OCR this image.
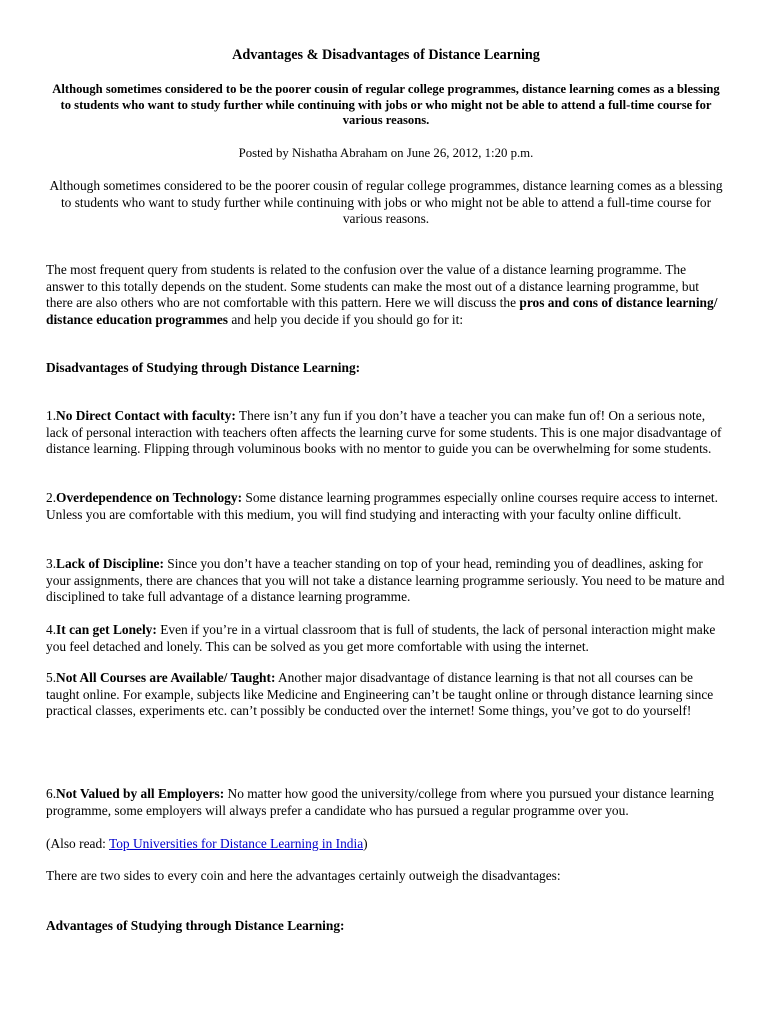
Advantages & Disadvantages of Distance Learning
Although sometimes considered to be the poorer cousin of regular college programmes, distance learning comes as a blessing to students who want to study further while continuing with jobs or who might not be able to attend a full-time course for various reasons.
Posted by Nishatha Abraham on June 26, 2012, 1:20 p.m.
Although sometimes considered to be the poorer cousin of regular college programmes, distance learning comes as a blessing to students who want to study further while continuing with jobs or who might not be able to attend a full-time course for various reasons.

The most frequent query from students is related to the confusion over the value of a distance learning programme. The answer to this totally depends on the student. Some students can make the most out of a distance learning programme, but there are also others who are not comfortable with this pattern. Here we will discuss the pros and cons of distance learning/ distance education programmes and help you decide if you should go for it:

Disadvantages of Studying through Distance Learning:

1.No Direct Contact with faculty: There isn’t any fun if you don’t have a teacher you can make fun of! On a serious note, lack of personal interaction with teachers often affects the learning curve for some students. This is one major disadvantage of distance learning. Flipping through voluminous books with no mentor to guide you can be overwhelming for some students.

2.Overdependence on Technology: Some distance learning programmes especially online courses require access to internet. Unless you are comfortable with this medium, you will find studying and interacting with your faculty online difficult.

3.Lack of Discipline: Since you don’t have a teacher standing on top of your head, reminding you of deadlines, asking for your assignments, there are chances that you will not take a distance learning programme seriously. You need to be mature and disciplined to take full advantage of a distance learning programme.

4.It can get Lonely: Even if you’re in a virtual classroom that is full of students, the lack of personal interaction might make you feel detached and lonely. This can be solved as you get more comfortable with using the internet.

5.Not All Courses are Available/ Taught: Another major disadvantage of distance learning is that not all courses can be taught online. For example, subjects like Medicine and Engineering can’t be taught online or through distance learning since practical classes, experiments etc. can’t possibly be conducted over the internet! Some things, you’ve got to do yourself!

6.Not Valued by all Employers: No matter how good the university/college from where you pursued your distance learning programme, some employers will always prefer a candidate who has pursued a regular programme over you.

(Also read: Top Universities for Distance Learning in India)

There are two sides to every coin and here the advantages certainly outweigh the disadvantages:

Advantages of Studying through Distance Learning:
